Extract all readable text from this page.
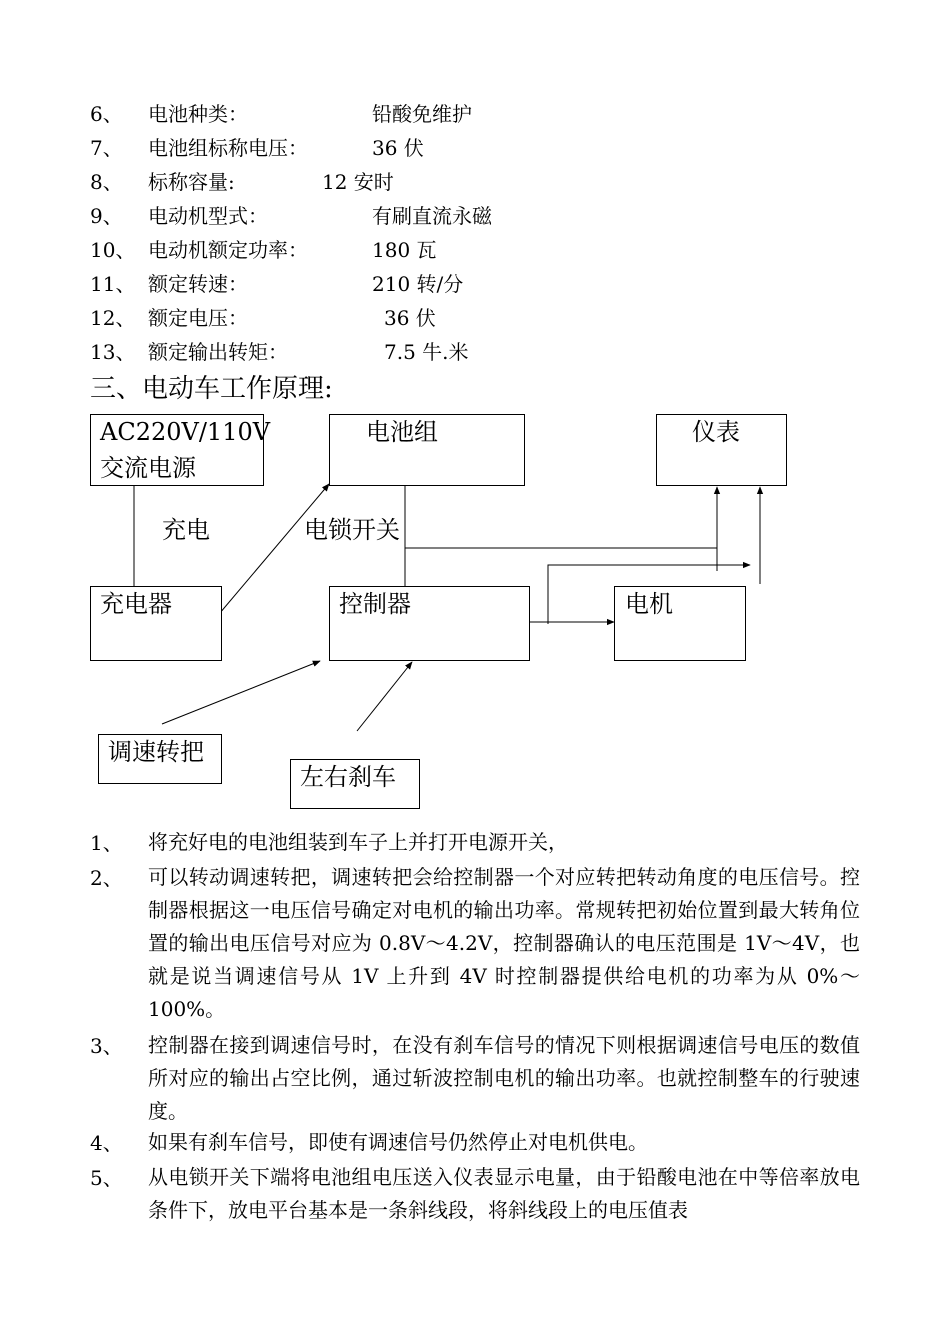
6、 电池种类：	铅酸免维护
7、 电池组标称电压：	36 伏
8、 标称容量:	12 安时
9、 电动机型式：	有刷直流永磁
10、 电动机额定功率：	180 瓦
11、 额定转速：	210 转/分
12、 额定电压：	36 伏
13、 额定输出转矩：	7.5 牛.米
三、电动车工作原理:
AC220V/110V
交流电源
电池组	仪表
充电	电锁开关
充电器	控制器	电机
调速转把
左右刹车
1、 将充好电的电池组装到车子上并打开电源开关，
2、 可以转动调速转把，调速转把会给控制器一个对应转把转动角度的电压信号。控制器根据这一电压信号确定对电机的输出功率。常规转把初始位置到最大转角位置的输出电压信号对应为 0.8V～4.2V，控制器确认的电压范围是 1V～4V，也就是说当调速信号从 1V 上升到 4V 时控制器提供给电机的功率为从 0%～100%。
3、 控制器在接到调速信号时，在没有刹车信号的情况下则根据调速信号电压的数值所对应的输出占空比例，通过斩波控制电机的输出功率。也就控制整车的行驶速度。
4、 如果有刹车信号，即使有调速信号仍然停止对电机供电。
5、 从电锁开关下端将电池组电压送入仪表显示电量，由于铅酸电池在中等倍率放电条件下，放电平台基本是一条斜线段，将斜线段上的电压值表
